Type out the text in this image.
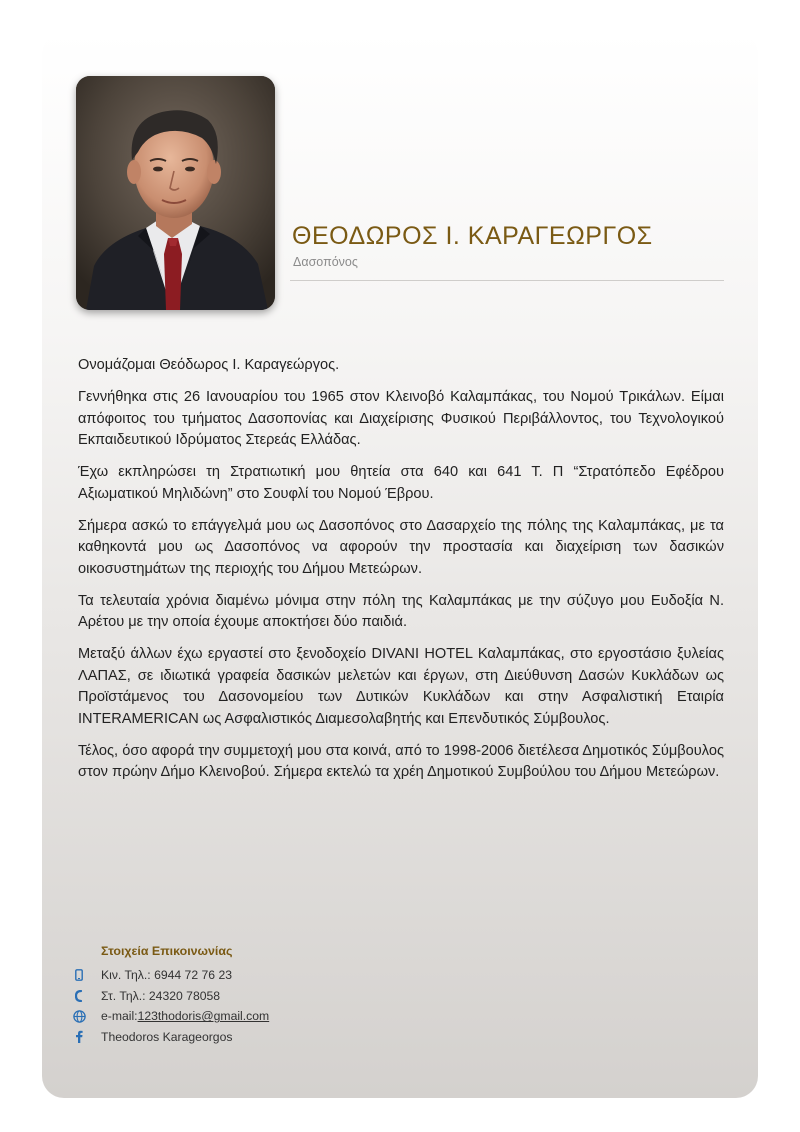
ΘΕΟΔΩΡΟΣ Ι. ΚΑΡΑΓΕΩΡΓΟΣ
Δασοπόνος

Ονομάζομαι Θεόδωρος Ι. Καραγεώργος.

Γεννήθηκα στις 26 Ιανουαρίου του 1965 στον Κλεινοβό Καλαμπάκας, του Νομού Τρικάλων. Είμαι απόφοιτος του τμήματος Δασοπονίας και Διαχείρισης Φυσικού Περιβάλλοντος, του Τεχνολογικού Εκπαιδευτικού Ιδρύματος Στερεάς Ελλάδας.

Έχω εκπληρώσει τη Στρατιωτική μου θητεία στα 640 και 641 Τ. Π “Στρατόπεδο Εφέδρου Αξιωματικού Μηλιδώνη” στο Σουφλί του Νομού Έβρου.

Σήμερα ασκώ το επάγγελμά μου ως Δασοπόνος στο Δασαρχείο της πόλης της Καλαμπάκας, με τα καθηκοντά μου ως Δασοπόνος να αφορούν την προστασία και διαχείριση των δασικών οικοσυστημάτων της περιοχής του Δήμου Μετεώρων.

Τα τελευταία χρόνια διαμένω μόνιμα στην πόλη της Καλαμπάκας με την σύζυγο μου Ευδοξία Ν. Αρέτου με την οποία έχουμε αποκτήσει δύο παιδιά.

Μεταξύ άλλων έχω εργαστεί στο ξενοδοχείο DIVANI HOTEL Καλαμπάκας, στο εργοστάσιο ξυλείας ΛΑΠΑΣ, σε ιδιωτικά γραφεία δασικών μελετών και έργων, στη Διεύθυνση Δασών Κυκλάδων ως Προϊστάμενος του Δασονομείου των Δυτικών Κυκλάδων και στην Ασφαλιστική Εταιρία INTERAMERICAN ως Ασφαλιστικός Διαμεσολαβητής και Επενδυτικός Σύμβουλος.

Τέλος, όσο αφορά την συμμετοχή μου στα κοινά, από το 1998-2006 διετέλεσα Δημοτικός Σύμβουλος στον πρώην Δήμο Κλεινοβού. Σήμερα εκτελώ τα χρέη Δημοτικού Συμβούλου του Δήμου Μετεώρων.

Στοιχεία Επικοινωνίας
Κιν. Τηλ.: 6944 72 76 23
Στ. Τηλ.: 24320 78058
e-mail: 123thodoris@gmail.com
Theodoros Karageorgos
